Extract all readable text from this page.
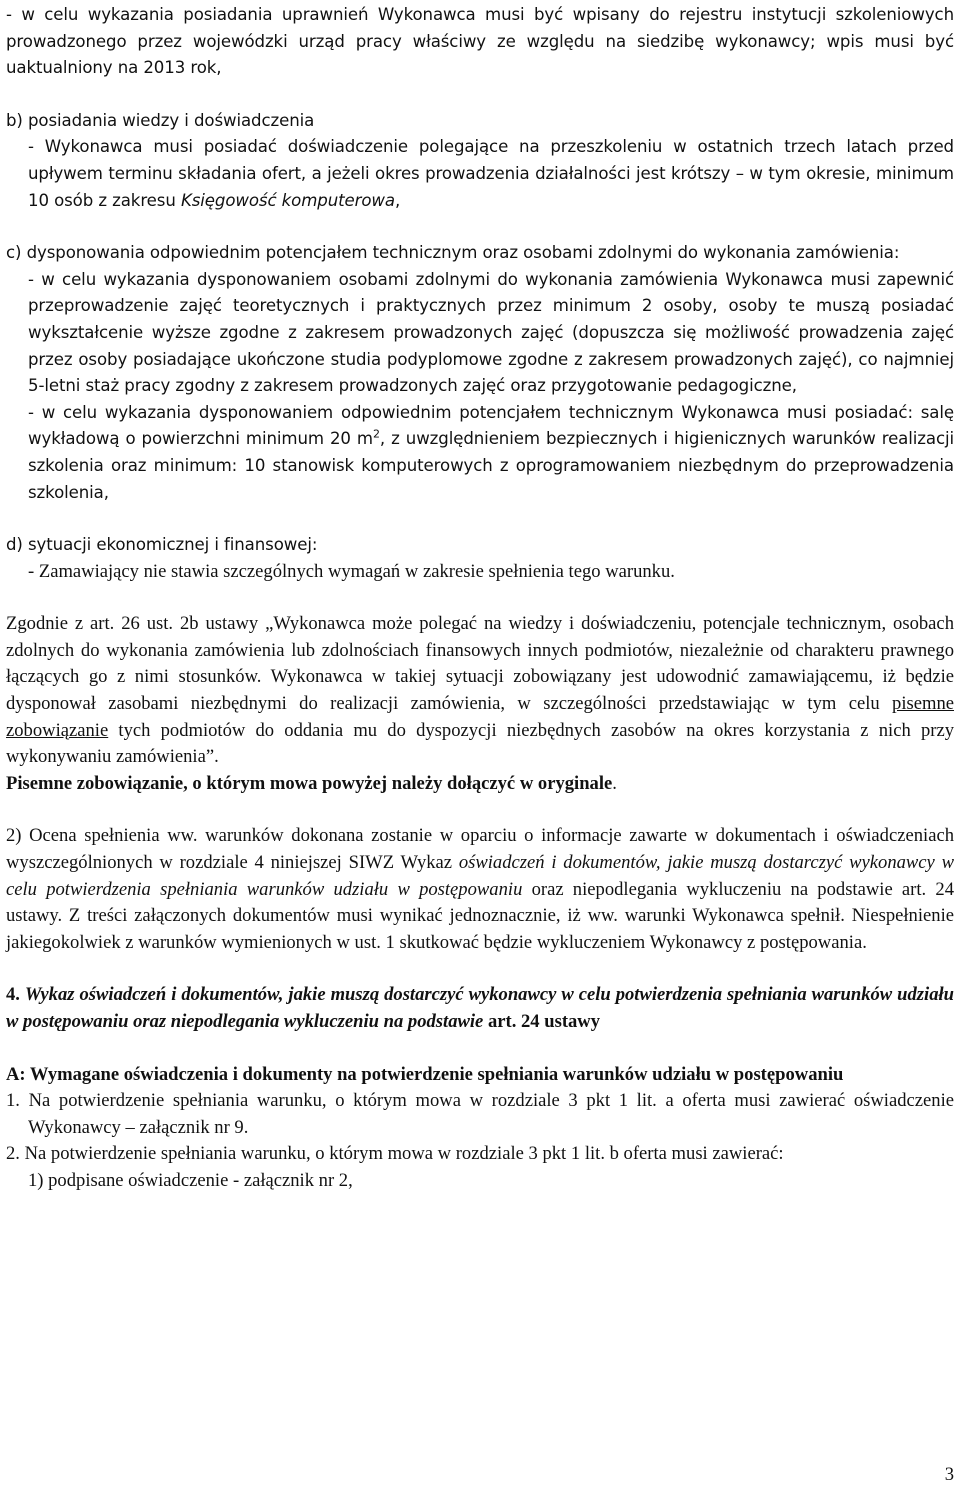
- w celu wykazania posiadania uprawnień Wykonawca musi być wpisany do rejestru instytucji szkoleniowych prowadzonego przez wojewódzki urząd pracy właściwy ze względu na siedzibę wykonawcy; wpis musi być uaktualniony na 2013 rok,

b) posiadania wiedzy i doświadczenia

- Wykonawca musi posiadać doświadczenie polegające na przeszkoleniu w ostatnich trzech latach przed upływem terminu składania ofert, a jeżeli okres prowadzenia działalności jest krótszy – w tym okresie, minimum 10 osób z zakresu Księgowość komputerowa,

c) dysponowania odpowiednim potencjałem technicznym oraz osobami zdolnymi do wykonania zamówienia:

- w celu wykazania dysponowaniem osobami zdolnymi do wykonania zamówienia Wykonawca musi zapewnić przeprowadzenie zajęć teoretycznych i praktycznych przez minimum 2 osoby, osoby te muszą posiadać wykształcenie wyższe zgodne z zakresem prowadzonych zajęć (dopuszcza się możliwość prowadzenia zajęć przez osoby posiadające ukończone studia podyplomowe zgodne z zakresem prowadzonych zajęć), co najmniej 5-letni staż pracy zgodny z zakresem prowadzonych zajęć oraz przygotowanie pedagogiczne,

- w celu wykazania dysponowaniem odpowiednim potencjałem technicznym Wykonawca musi posiadać: salę wykładową o powierzchni minimum 20 $m^2$, z uwzględnieniem bezpiecznych i higienicznych warunków realizacji szkolenia oraz minimum: 10 stanowisk komputerowych z oprogramowaniem niezbędnym do przeprowadzenia szkolenia,

d) sytuacji ekonomicznej i finansowej:

- Zamawiający nie stawia szczególnych wymagań w zakresie spełnienia tego warunku.

Zgodnie z art. 26 ust. 2b ustawy „Wykonawca może polegać na wiedzy i doświadczeniu, potencjale technicznym, osobach zdolnych do wykonania zamówienia lub zdolnościach finansowych innych podmiotów, niezależnie od charakteru prawnego łączących go z nimi stosunków. Wykonawca w takiej sytuacji zobowiązany jest udowodnić zamawiającemu, iż będzie dysponował zasobami niezbędnymi do realizacji zamówienia, w szczególności przedstawiając w tym celu pisemne zobowiązanie tych podmiotów do oddania mu do dyspozycji niezbędnych zasobów na okres korzystania z nich przy wykonywaniu zamówienia”.

Pisemne zobowiązanie, o którym mowa powyżej należy dołączyć w oryginale.

2) Ocena spełnienia ww. warunków dokonana zostanie w oparciu o informacje zawarte w dokumentach i oświadczeniach wyszczególnionych w rozdziale 4 niniejszej SIWZ Wykaz oświadczeń i dokumentów, jakie muszą dostarczyć wykonawcy w celu potwierdzenia spełniania warunków udziału w postępowaniu oraz niepodlegania wykluczeniu na podstawie art. 24 ustawy. Z treści załączonych dokumentów musi wynikać jednoznacznie, iż ww. warunki Wykonawca spełnił. Niespełnienie jakiegokolwiek z warunków wymienionych w ust. 1 skutkować będzie wykluczeniem Wykonawcy z postępowania.

4. Wykaz oświadczeń i dokumentów, jakie muszą dostarczyć wykonawcy w celu potwierdzenia spełniania warunków udziału w postępowaniu oraz niepodlegania wykluczeniu na podstawie art. 24 ustawy

A: Wymagane oświadczenia i dokumenty na potwierdzenie spełniania warunków udziału w postępowaniu

1. Na potwierdzenie spełniania warunku, o którym mowa w rozdziale 3 pkt 1 lit. a oferta musi zawierać oświadczenie Wykonawcy – załącznik nr 9.

2. Na potwierdzenie spełniania warunku, o którym mowa w rozdziale 3 pkt 1 lit. b oferta musi zawierać:

1) podpisane oświadczenie - załącznik nr 2,

3
